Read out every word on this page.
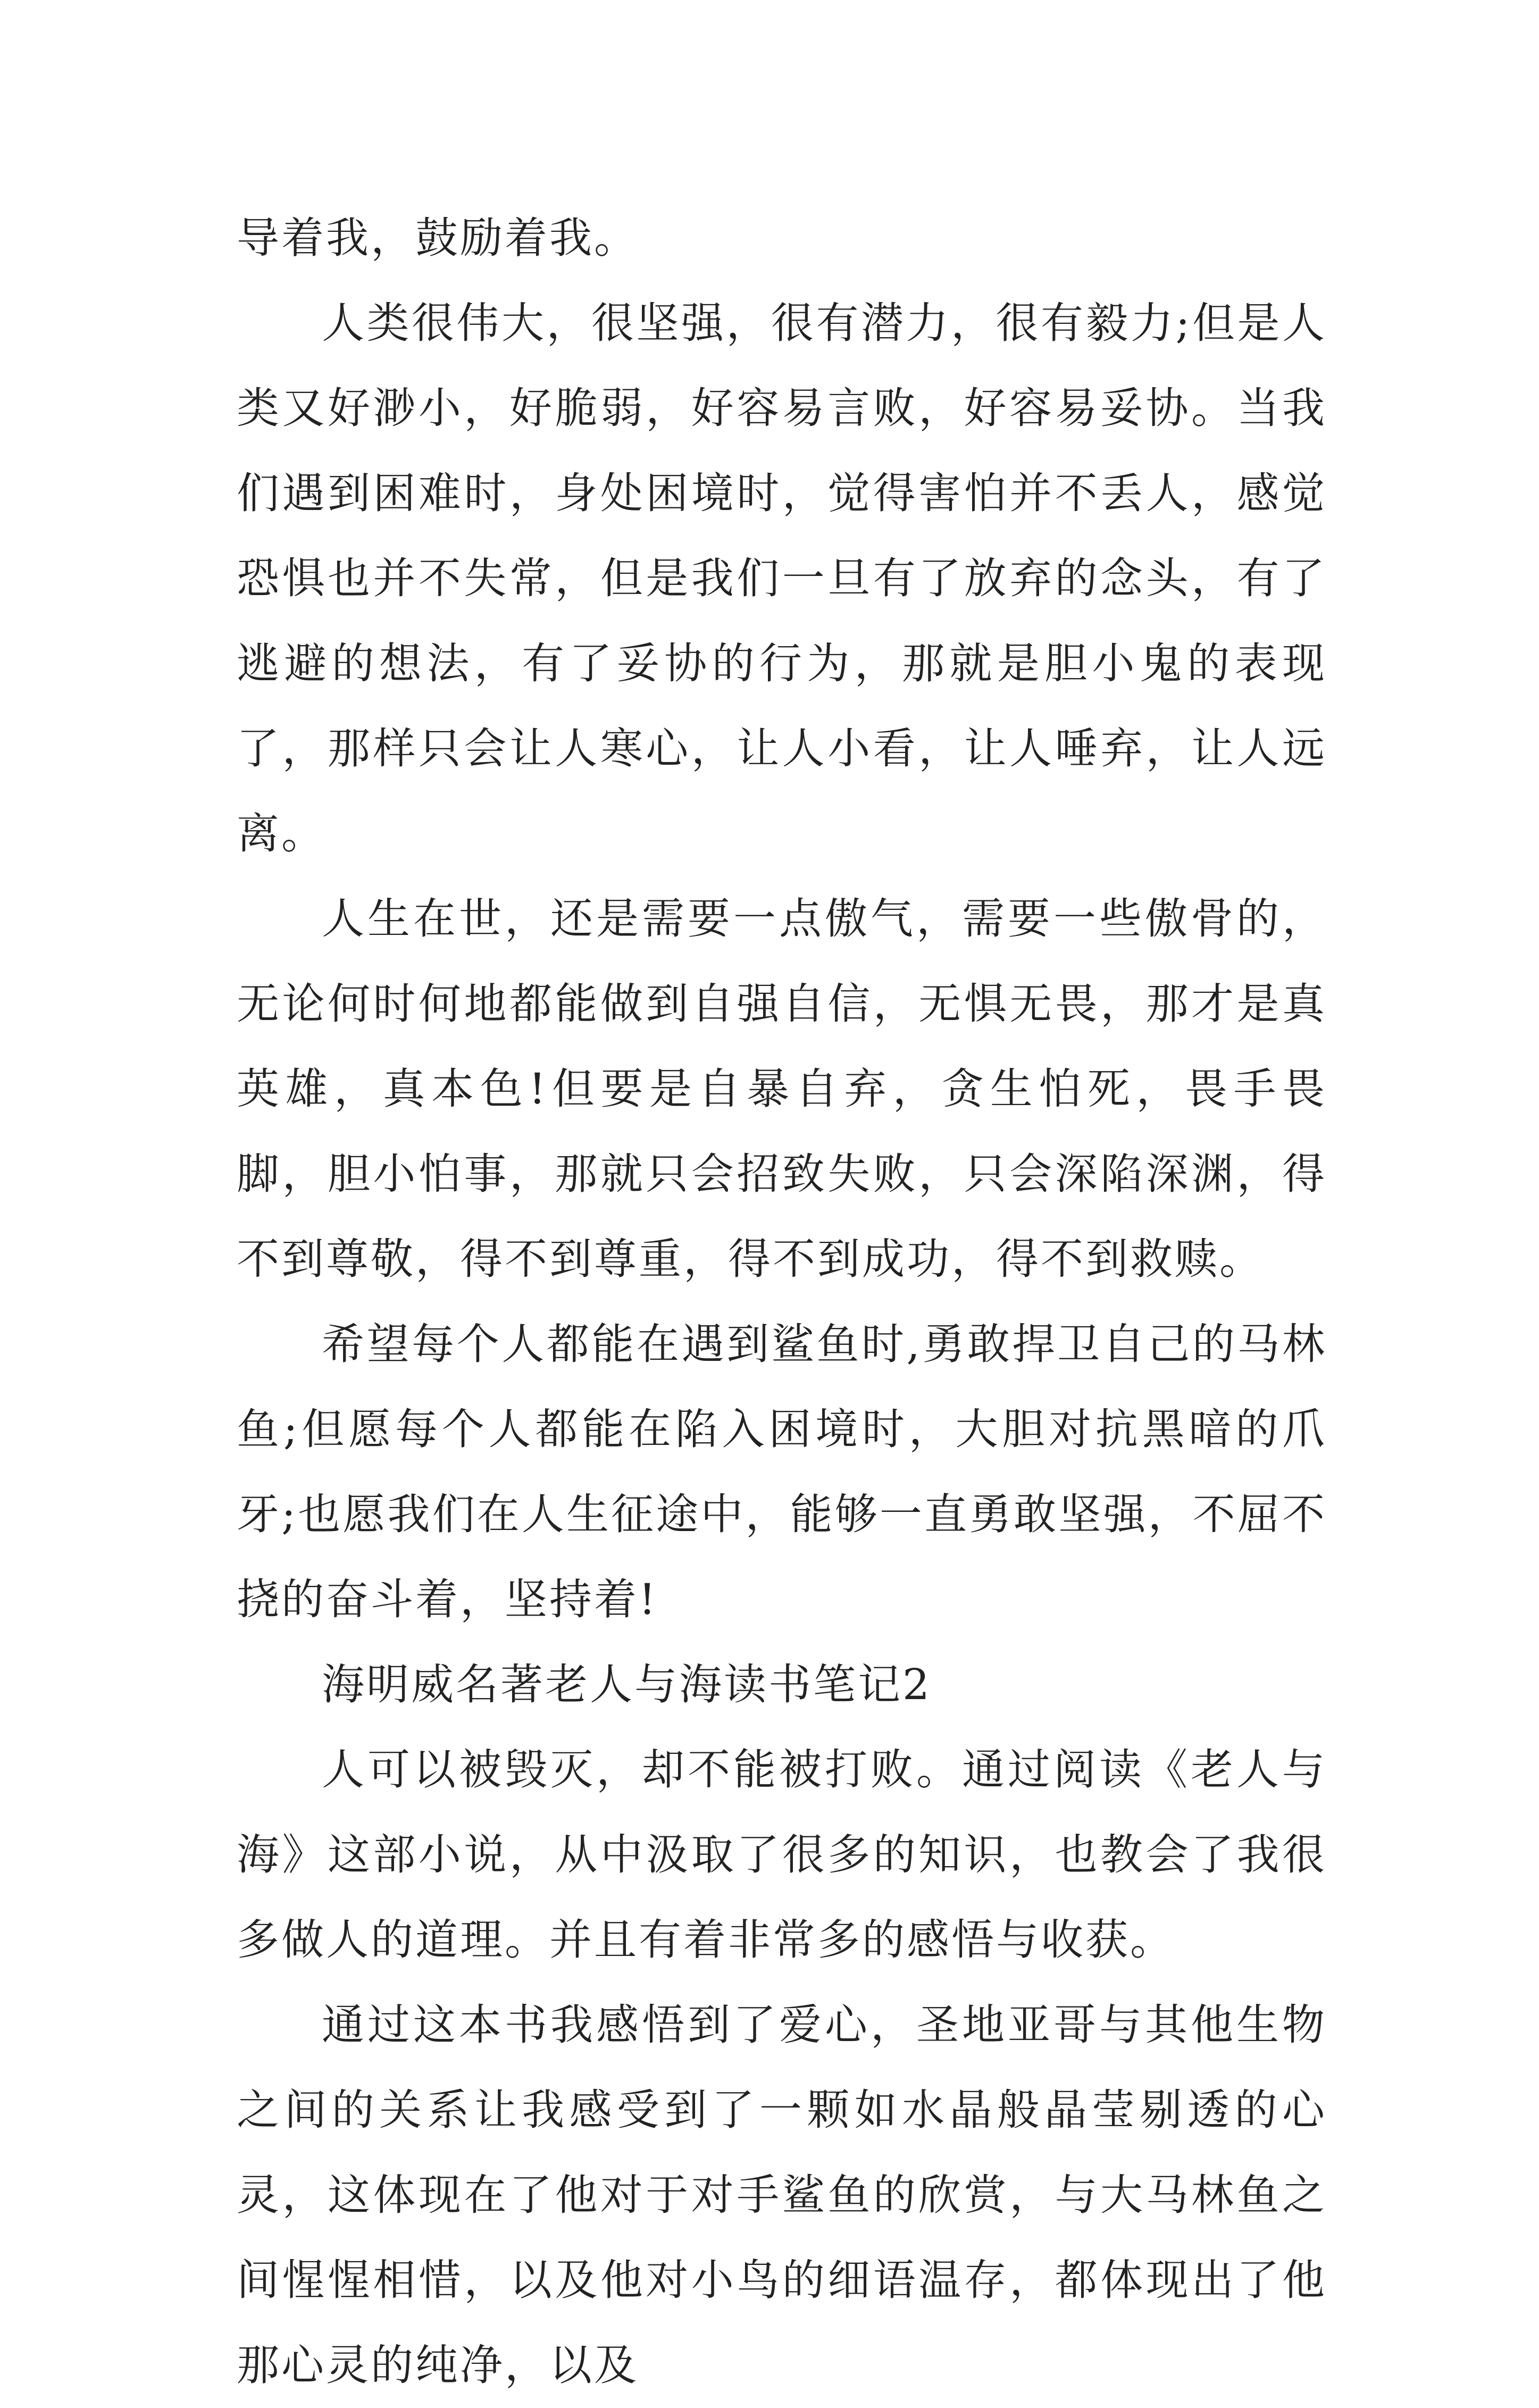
导着我，鼓励着我。

人类很伟大，很坚强，很有潜力，很有毅力;但是人类又好渺小，好脆弱，好容易言败，好容易妥协。当我们遇到困难时，身处困境时，觉得害怕并不丢人，感觉恐惧也并不失常，但是我们一旦有了放弃的念头，有了逃避的想法，有了妥协的行为，那就是胆小鬼的表现了，那样只会让人寒心，让人小看，让人唾弃，让人远离。

人生在世，还是需要一点傲气，需要一些傲骨的，无论何时何地都能做到自强自信，无惧无畏，那才是真英雄，真本色!但要是自暴自弃，贪生怕死，畏手畏脚，胆小怕事，那就只会招致失败，只会深陷深渊，得不到尊敬，得不到尊重，得不到成功，得不到救赎。

希望每个人都能在遇到鲨鱼时,勇敢捍卫自己的马林鱼;但愿每个人都能在陷入困境时，大胆对抗黑暗的爪牙;也愿我们在人生征途中，能够一直勇敢坚强，不屈不挠的奋斗着，坚持着!

海明威名著老人与海读书笔记2

人可以被毁灭，却不能被打败。通过阅读《老人与海》这部小说，从中汲取了很多的知识，也教会了我很多做人的道理。并且有着非常多的感悟与收获。

通过这本书我感悟到了爱心，圣地亚哥与其他生物之间的关系让我感受到了一颗如水晶般晶莹剔透的心灵，这体现在了他对于对手鲨鱼的欣赏，与大马林鱼之间惺惺相惜，以及他对小鸟的细语温存，都体现出了他那心灵的纯净，以及
